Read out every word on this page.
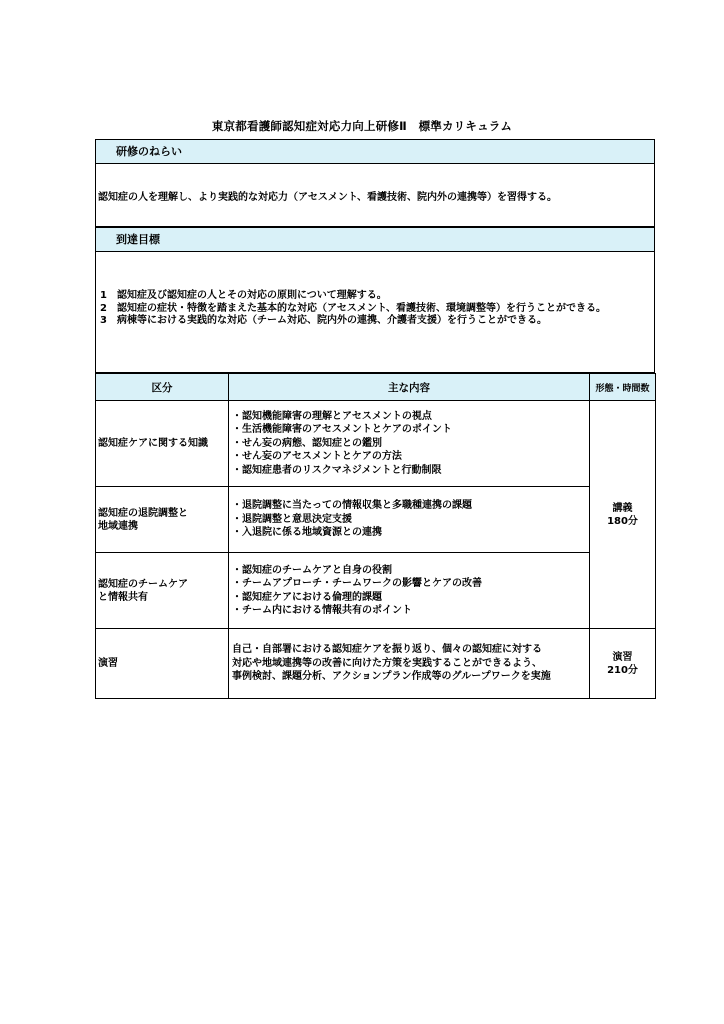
東京都看護師認知症対応力向上研修Ⅱ　標準カリキュラム
研修のねらい
認知症の人を理解し、より実践的な対応力（アセスメント、看護技術、院内外の連携等）を習得する。
到達目標
1　認知症及び認知症の人とその対応の原則について理解する。
2　認知症の症状・特徴を踏まえた基本的な対応（アセスメント、看護技術、環境調整等）を行うことができる。
3　病棟等における実践的な対応（チーム対応、院内外の連携、介護者支援）を行うことができる。
区分	主な内容	形態・時間数

認知症ケアに関する知識	・認知機能障害の理解とアセスメントの視点
・生活機能障害のアセスメントとケアのポイント
・せん妄の病態、認知症との鑑別
・せん妄のアセスメントとケアの方法
・認知症患者のリスクマネジメントと行動制限	講義
180分

認知症の退院調整と
地域連携	・退院調整に当たっての情報収集と多職種連携の課題
・退院調整と意思決定支援
・入退院に係る地域資源との連携	

認知症のチームケア
と情報共有	・認知症のチームケアと自身の役割
・チームアプローチ・チームワークの影響とケアの改善
・認知症ケアにおける倫理的課題
・チーム内における情報共有のポイント	

演習	自己・自部署における認知症ケアを振り返り、個々の認知症に対する
対応や地域連携等の改善に向けた方策を実践することができるよう、
事例検討、課題分析、アクションプラン作成等のグループワークを実施	演習
210分
